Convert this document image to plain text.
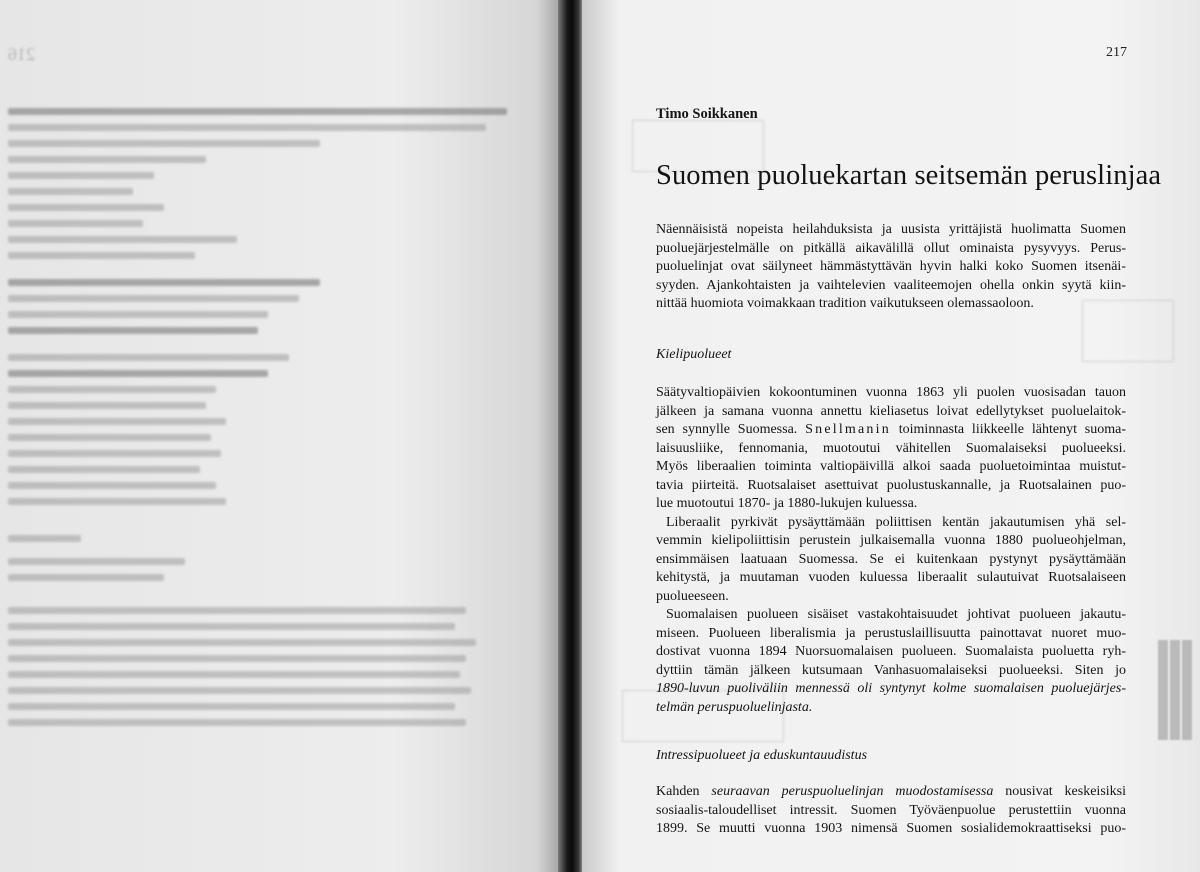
216	217
Timo Soikkanen
Suomen puoluekartan seitsemän peruslinjaa
Näennäisistä nopeista heilahduksista ja uusista yrittäjistä huolimatta Suomen
puoluejärjestelmälle on pitkällä aikavälillä ollut ominaista pysyvyys. Perus-
puoluelinjat ovat säilyneet hämmästyttävän hyvin halki koko Suomen itsenäi-
syyden. Ajankohtaisten ja vaihtelevien vaaliteemojen ohella onkin syytä kiin-
nittää huomiota voimakkaan tradition vaikutukseen olemassaoloon.
Kielipuolueet
Säätyvaltiopäivien kokoontuminen vuonna 1863 yli puolen vuosisadan tauon
jälkeen ja samana vuonna annettu kieliasetus loivat edellytykset puoluelaitok-
sen synnylle Suomessa. Snellmanin toiminnasta liikkeelle lähtenyt suoma-
laisuusliike, fennomania, muotoutui vähitellen Suomalaiseksi puolueeksi.
Myös liberaalien toiminta valtiopäivillä alkoi saada puoluetoimintaa muistut-
tavia piirteitä. Ruotsalaiset asettuivat puolustuskannalle, ja Ruotsalainen puo-
lue muotoutui 1870- ja 1880-lukujen kuluessa.
Liberaalit pyrkivät pysäyttämään poliittisen kentän jakautumisen yhä sel-
vemmin kielipoliittisin perustein julkaisemalla vuonna 1880 puolueohjelman,
ensimmäisen laatuaan Suomessa. Se ei kuitenkaan pystynyt pysäyttämään
kehitystä, ja muutaman vuoden kuluessa liberaalit sulautuivat Ruotsalaiseen
puolueeseen.
Suomalaisen puolueen sisäiset vastakohtaisuudet johtivat puolueen jakautu-
miseen. Puolueen liberalismia ja perustuslaillisuutta painottavat nuoret muo-
dostivat vuonna 1894 Nuorsuomalaisen puolueen. Suomalaista puoluetta ryh-
dyttiin tämän jälkeen kutsumaan Vanhasuomalaiseksi puolueeksi. Siten jo
1890-luvun puoliväliin mennessä oli syntynyt kolme suomalaisen puoluejärjes-
telmän peruspuoluelinjasta.
Intressipuolueet ja eduskuntauudistus
Kahden seuraavan peruspuoluelinjan muodostamisessa nousivat keskeisiksi
sosiaalis-taloudelliset intressit. Suomen Työväenpuolue perustettiin vuonna
1899. Se muutti vuonna 1903 nimensä Suomen sosialidemokraattiseksi puo-
